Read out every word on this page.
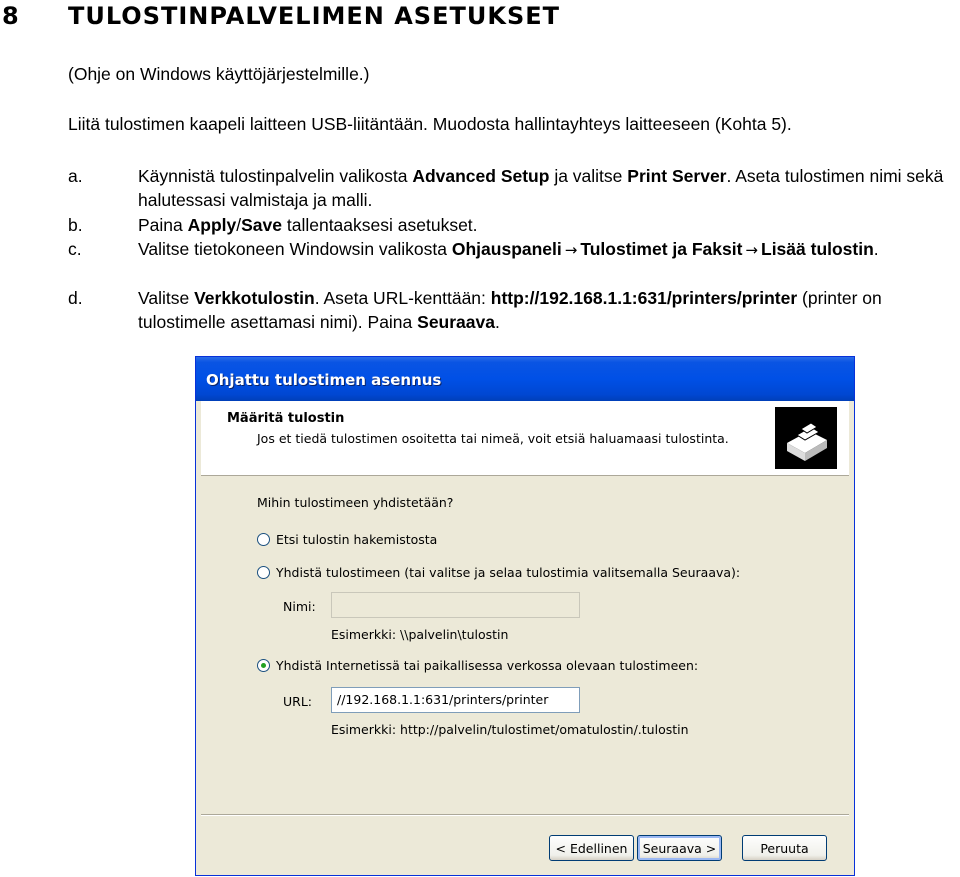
8	TULOSTINPALVELIMEN ASETUKSET
(Ohje on Windows käyttöjärjestelmille.)
Liitä tulostimen kaapeli laitteen USB-liitäntään. Muodosta hallintayhteys laitteeseen (Kohta 5).
a.	Käynnistä tulostinpalvelin valikosta Advanced Setup ja valitse Print Server. Aseta tulostimen nimi sekä halutessasi valmistaja ja malli.
b.	Paina Apply/Save tallentaaksesi asetukset.
c.	Valitse tietokoneen Windowsin valikosta Ohjauspaneli → Tulostimet ja Faksit → Lisää tulostin.
d.	Valitse Verkkotulostin. Aseta URL-kenttään: http://192.168.1.1:631/printers/printer (printer on tulostimelle asettamasi nimi). Paina Seuraava.
Ohjattu tulostimen asennus
Määritä tulostin
Jos et tiedä tulostimen osoitetta tai nimeä, voit etsiä haluamaasi tulostinta.
Mihin tulostimeen yhdistetään?
Etsi tulostin hakemistosta
Yhdistä tulostimeen (tai valitse ja selaa tulostimia valitsemalla Seuraava):
Nimi:
Esimerkki: \\palvelin\tulostin
Yhdistä Internetissä tai paikallisessa verkossa olevaan tulostimeen:
URL:	//192.168.1.1:631/printers/printer
Esimerkki: http://palvelin/tulostimet/omatulostin/.tulostin
< Edellinen	Seuraava >	Peruuta
